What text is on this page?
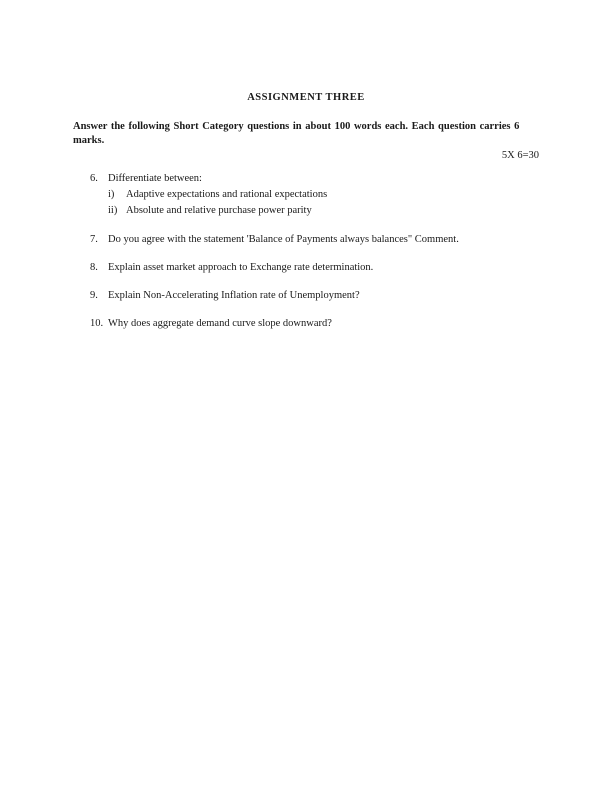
ASSIGNMENT THREE

Answer the following Short Category questions in about 100 words each. Each question carries 6 marks.

5X 6=30

6. Differentiate between:
i) Adaptive expectations and rational expectations
ii) Absolute and relative purchase power parity
7. Do you agree with the statement 'Balance of Payments always balances" Comment.
8. Explain asset market approach to Exchange rate determination.
9. Explain Non-Accelerating Inflation rate of Unemployment?
10. Why does aggregate demand curve slope downward?
